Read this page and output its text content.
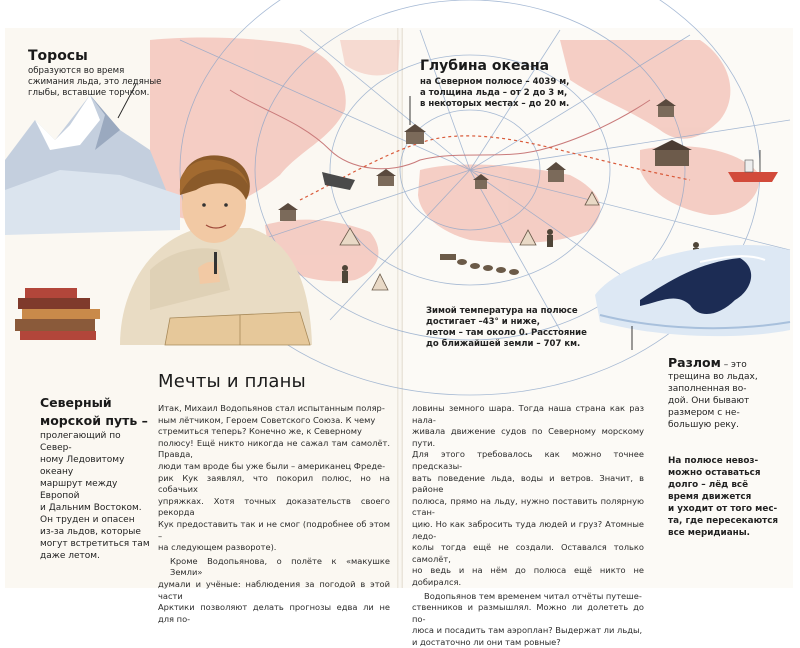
Торосы
образуются во время
сжимания льда, это ледяные
глыбы, вставшие торчком.
Глубина океана
на Северном полюсе – 4039 м,
а толщина льда – от 2 до 3 м,
в некоторых местах – до 20 м.
Зимой температура на полюсе
достигает –43° и ниже,
летом – там около 0. Расстояние
до ближайшей земли – 707 км.
Разлом – это
трещина во льдах,
заполненная во-
дой. Они бывают
размером с не-
большую реку.
Северный
морской путь –
пролегающий по Север-
ному Ледовитому океану
маршрут между Европой
и Дальним Востоком.
Он труден и опасен
из-за льдов, которые
могут встретиться там
даже летом.
Мечты и планы
Итак, Михаил Водопьянов стал испытанным поляр-
ным лётчиком, Героем Советского Союза. К чему
стремиться теперь? Конечно же, к Северному
полюсу! Ещё никто никогда не сажал там самолёт. Правда,
люди там вроде бы уже были – американец Фреде-
рик Кук заявлял, что покорил полюс, но на собачьих
упряжках. Хотя точных доказательств своего рекорда
Кук предоставить так и не смог (подробнее об этом –
на следующем развороте).
Кроме Водопьянова, о полёте к «макушке Земли»
думали и учёные: наблюдения за погодой в этой части
Арктики позволяют делать прогнозы едва ли не для по-
ловины земного шара. Тогда наша страна как раз нала-
живала движение судов по Северному морскому пути.
Для этого требовалось как можно точнее предсказы-
вать поведение льда, воды и ветров. Значит, в районе
полюса, прямо на льду, нужно поставить полярную стан-
цию. Но как забросить туда людей и груз? Атомные ледо-
колы тогда ещё не создали. Оставался только самолёт,
но ведь и на нём до полюса ещё никто не добирался.
Водопьянов тем временем читал отчёты путеше-
ственников и размышлял. Можно ли долететь до по-
люса и посадить там аэроплан? Выдержат ли льды,
и достаточно ли они там ровные?
На полюсе невоз-
можно оставаться
долго – лёд всё
время движется
и уходит от того мес-
та, где пересекаются
все меридианы.
